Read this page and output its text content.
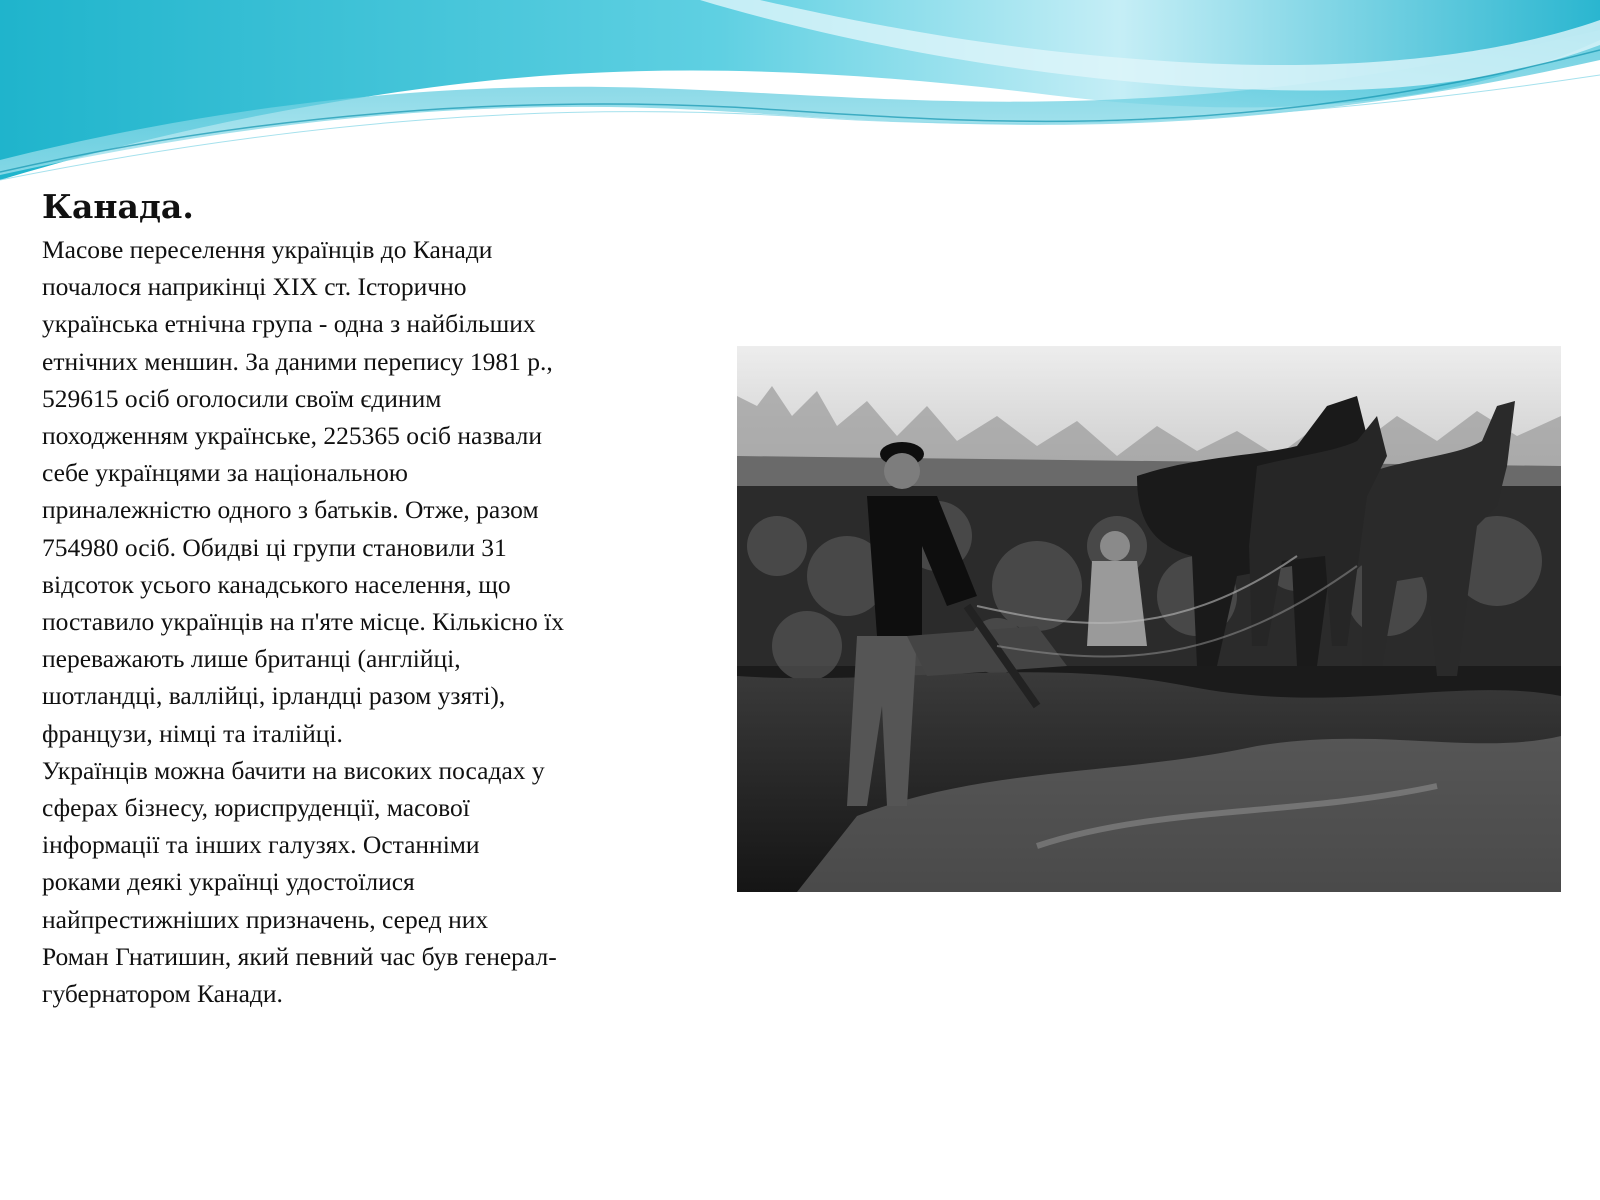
Канада.
Масове переселення українців до Канади
почалося наприкінці XIX ст. Історично
українська етнічна група - одна з найбільших
етнічних меншин. За даними перепису 1981 р.,
529615 осіб оголосили своїм єдиним
походженням українське, 225365 осіб назвали
себе українцями за національною
приналежністю одного з батьків. Отже, разом
754980 осіб. Обидві ці групи становили 31
відсоток усього канадського населення, що
поставило українців на п'яте місце. Кількісно їх
переважають лише британці (англійці,
шотландці, валлійці, ірландці разом узяті),
французи, німці та італійці.
Українців можна бачити на високих посадах у
сферах бізнесу, юриспруденції, масової
інформації та інших галузях. Останніми
роками деякі українці удостоїлися
найпрестижніших призначень, серед них
Роман Гнатишин, який певний час був генерал-
губернатором Канади.
